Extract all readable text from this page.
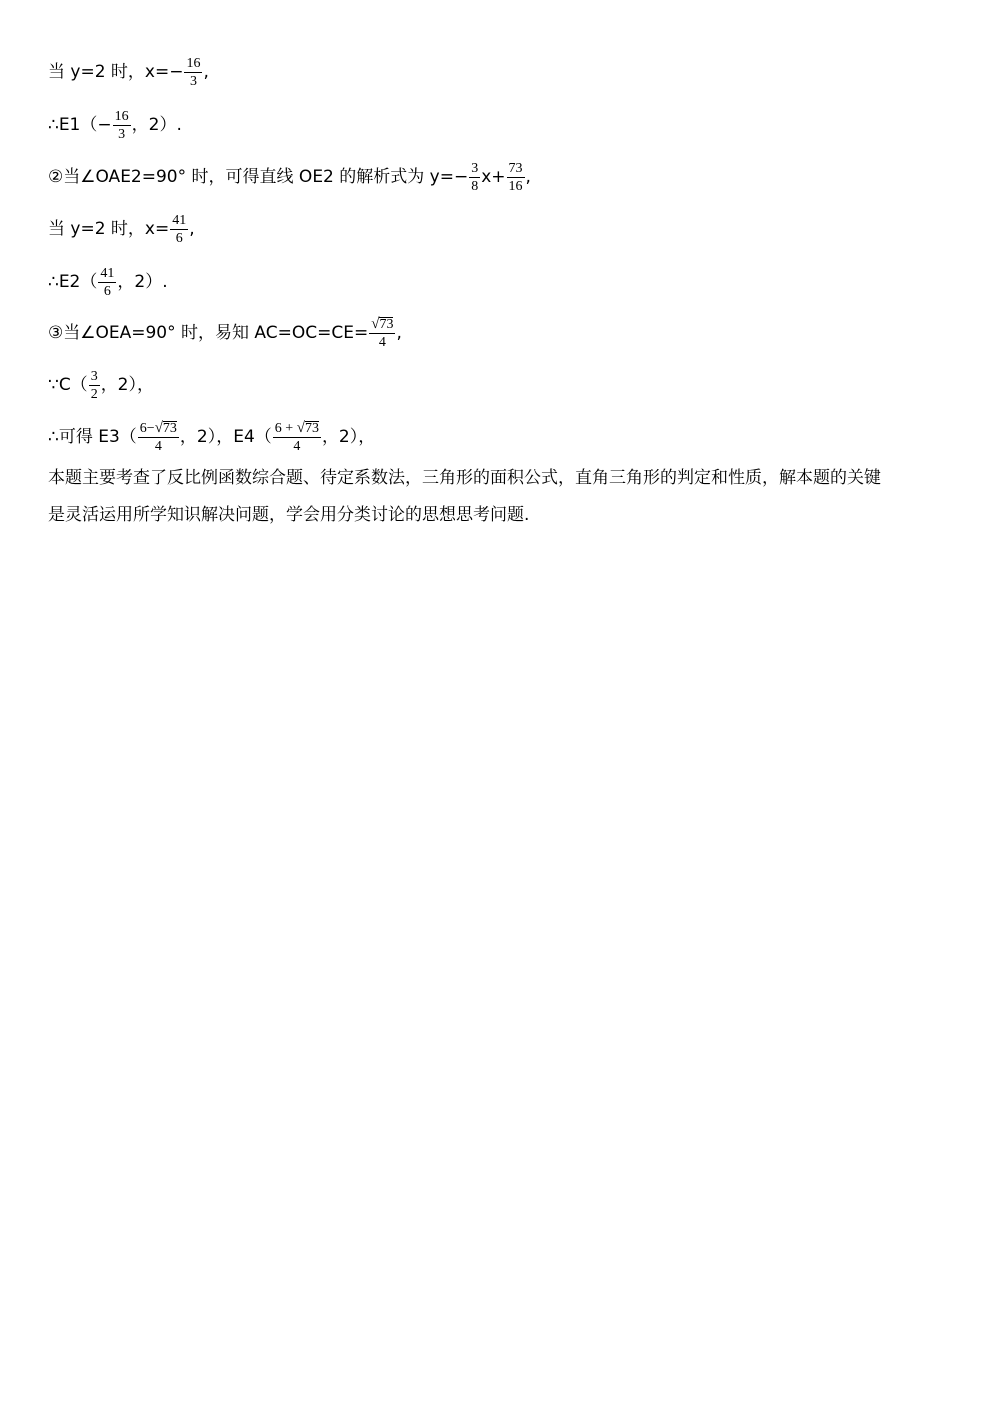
当 y=2 时，$x=- \frac{16}{3}$ ,
∴E1（− $\frac{16}{3}$ ，2）.
②当∠OAE2=90° 时，可得直线 OE2 的解析式为 $y=- \frac{3}{8} x+ \frac{73}{16}$ ,
当 y=2 时，$x= \frac{41}{6}$ ,
∴E2（ $\frac{41}{6}$ ，2）.
③当∠OEA=90° 时，易知 $AC=OC=CE= \frac{√ 73}{4}$ ,
∵C（ $\frac{3}{2}$ ，2），
∴可得 $E3( \frac{6- √ 73}{4}$ ，2），$E4( \frac{6 + √ 73}{4}$ ，2），
本题主要考查了反比例函数综合题、待定系数法，三角形的面积公式，直角三角形的判定和性质，解本题的关键是灵活运用所学知识解决问题，学会用分类讨论的思想思考问题.
